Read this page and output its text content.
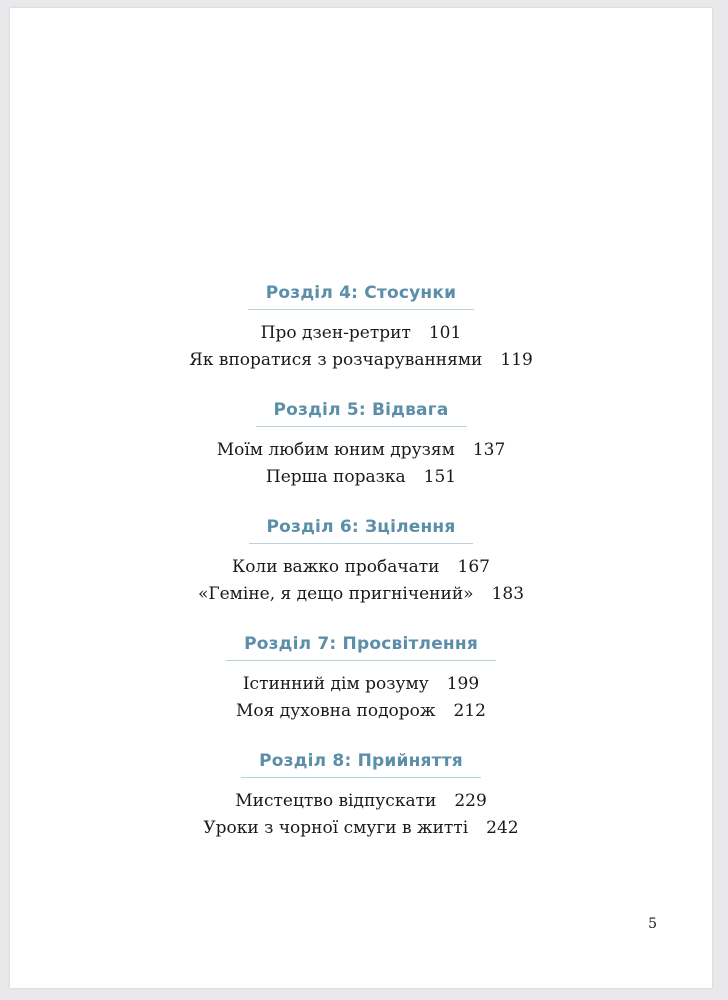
Розділ 4: Стосунки
Про дзен-ретрит 101
Як впоратися з розчаруваннями 119
Розділ 5: Відвага
Моїм любим юним друзям 137
Перша поразка 151
Розділ 6: Зцілення
Коли важко пробачати 167
«Геміне, я дещо пригнічений» 183
Розділ 7: Просвітлення
Істинний дім розуму 199
Моя духовна подорож 212
Розділ 8: Прийняття
Мистецтво відпускати 229
Уроки з чорної смуги в житті 242
5
